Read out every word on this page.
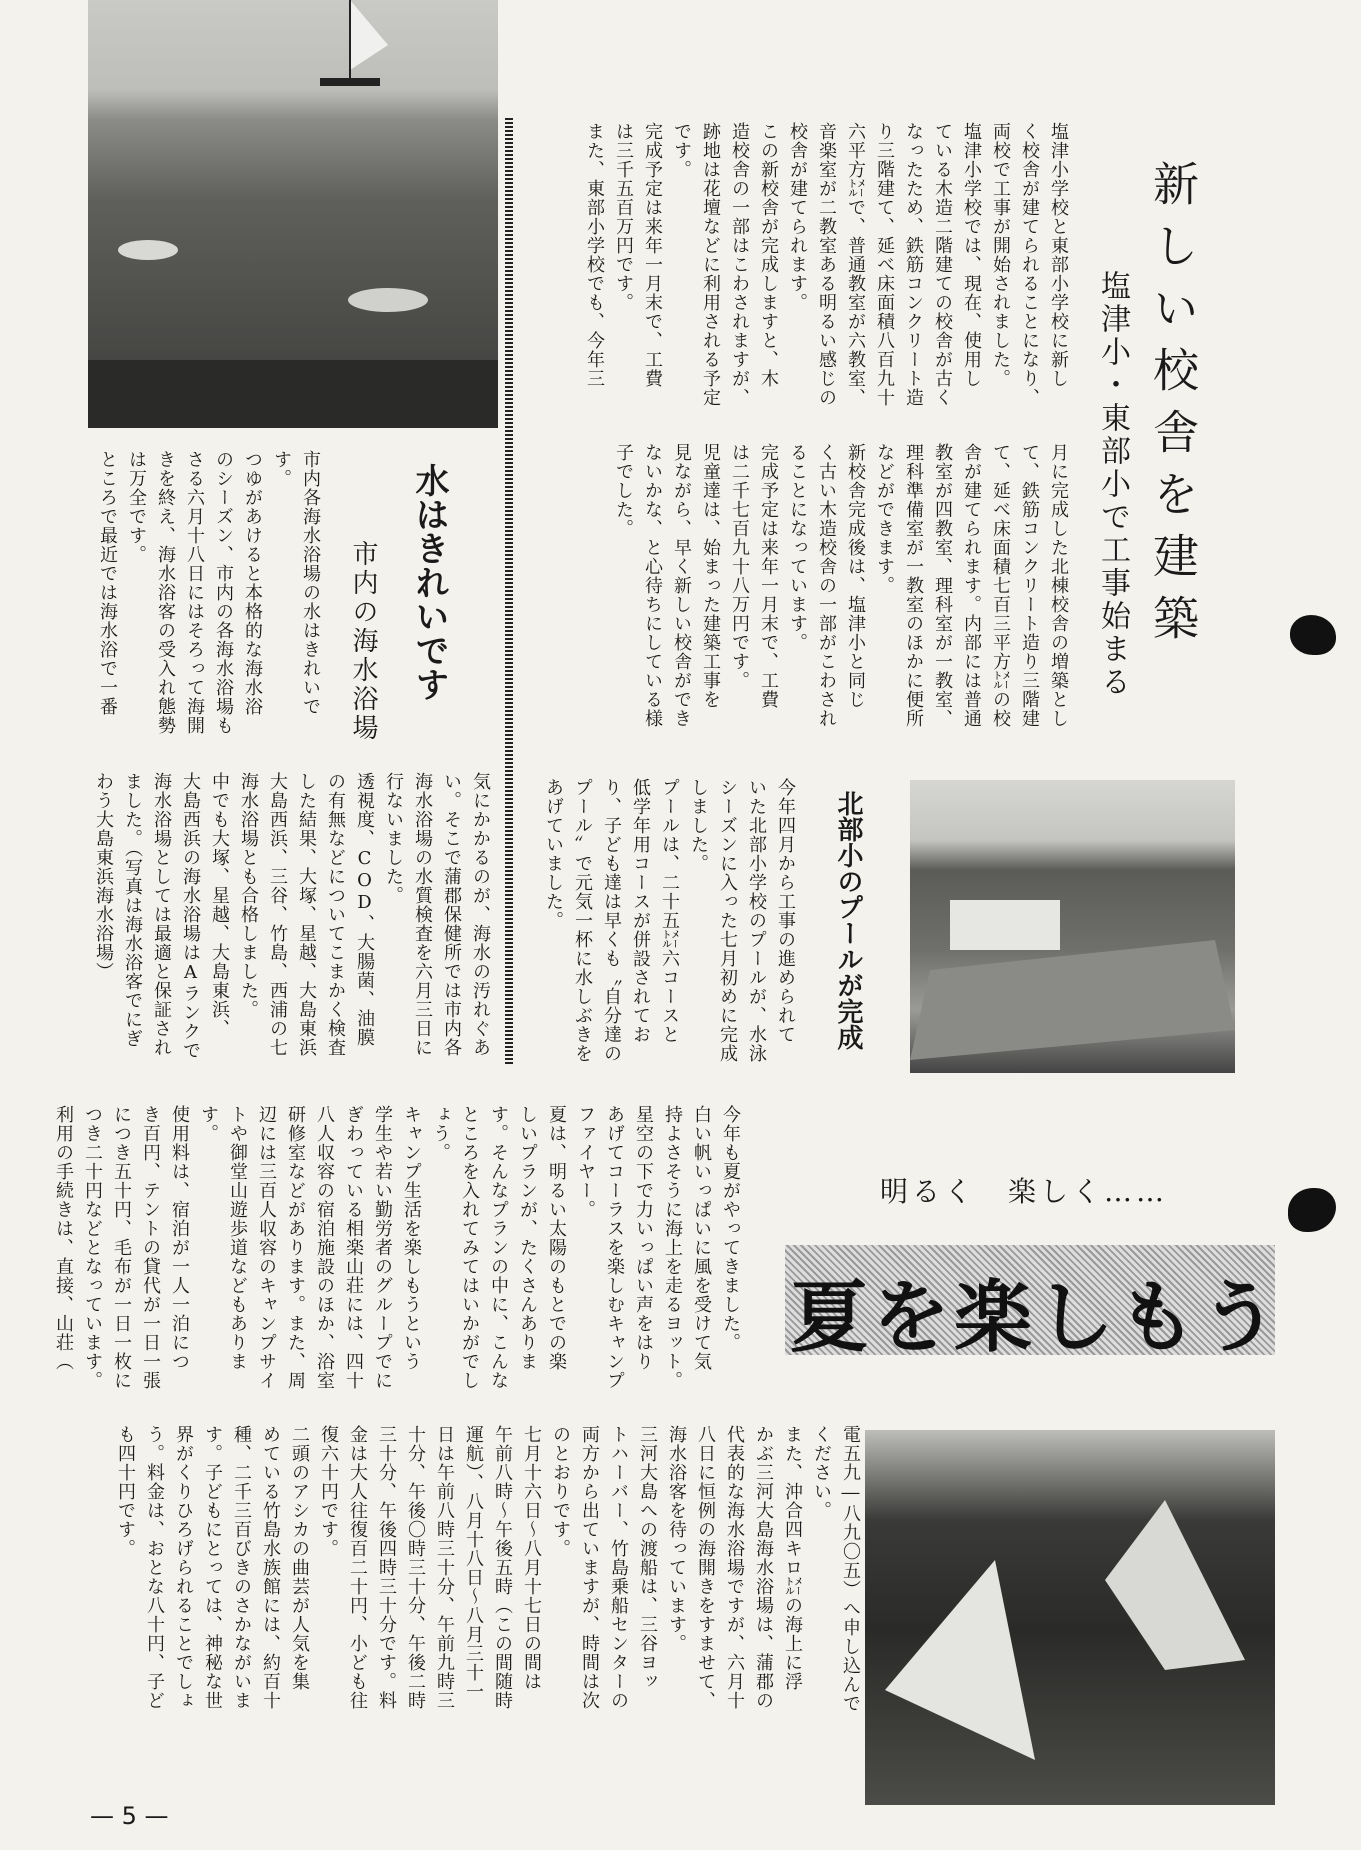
新しい校舎を建築
塩津小・東部小で工事始まる
塩津小学校と東部小学校に新し
く校舎が建てられることになり、
両校で工事が開始されました。
塩津小学校では、現在、使用し
ている木造二階建ての校舎が古く
なったため、鉄筋コンクリート造
り三階建て、延べ床面積八百九十
六平方㍍で、普通教室が六教室、
音楽室が二教室ある明るい感じの
校舎が建てられます。
この新校舎が完成しますと、木
造校舎の一部はこわされますが、
跡地は花壇などに利用される予定
です。
完成予定は来年一月末で、工費
は三千五百万円です。
また、東部小学校でも、今年三
月に完成した北棟校舎の増築とし
て、鉄筋コンクリート造り三階建
て、延べ床面積七百三平方㍍の校
舎が建てられます。内部には普通
教室が四教室、理科室が一教室、
理科準備室が一教室のほかに便所
などができます。
新校舎完成後は、塩津小と同じ
く古い木造校舎の一部がこわされ
ることになっています。
完成予定は来年一月末で、工費
は二千七百九十八万円です。
児童達は、始まった建築工事を
見ながら、早く新しい校舎ができ
ないかな、と心待ちにしている様
子でした。
北部小のプールが完成
今年四月から工事の進められて
いた北部小学校のプールが、水泳
シーズンに入った七月初めに完成
しました。
プールは、二十五㍍六コースと
低学年用コースが併設されてお
り、子ども達は早くも〝自分達の
プール〟で元気一杯に水しぶきを
あげていました。
水はきれいです
市内の海水浴場
市内各海水浴場の水はきれいで
す。
つゆがあけると本格的な海水浴
のシーズン、市内の各海水浴場も
さる六月十八日にはそろって海開
きを終え、海水浴客の受入れ態勢
は万全です。
ところで最近では海水浴で一番
気にかかるのが、海水の汚れぐあ
い。そこで蒲郡保健所では市内各
海水浴場の水質検査を六月三日に
行ないました。
透視度、COD、大腸菌、油膜
の有無などについてこまかく検査
した結果、大塚、星越、大島東浜
大島西浜、三谷、竹島、西浦の七
海水浴場とも合格しました。
中でも大塚、星越、大島東浜、
大島西浜の海水浴場はAランクで
海水浴場としては最適と保証され
ました。（写真は海水浴客でにぎ
わう大島東浜海水浴場）
明るく　楽しく……
夏を楽しもう
今年も夏がやってきました。
白い帆いっぱいに風を受けて気
持よさそうに海上を走るヨット。
星空の下で力いっぱい声をはり
あげてコーラスを楽しむキャンプ
ファイヤー。
夏は、明るい太陽のもとでの楽
しいプランが、たくさんありま
す。そんなプランの中に、こんな
ところを入れてみてはいかがでし
ょう。
キャンプ生活を楽しもうという
学生や若い勤労者のグループでに
ぎわっている相楽山荘には、四十
八人収容の宿泊施設のほか、浴室
研修室などがあります。また、周
辺には三百人収容のキャンプサイ
トや御堂山遊歩道などもあります。
使用料は、宿泊が一人一泊につ
き百円、テントの貸代が一日一張
につき五十円、毛布が一日一枚に
つき二十円などとなっています。
利用の手続きは、直接、山荘（
電五九―八九〇五）へ申し込んで
ください。
また、沖合四キロ㍍の海上に浮
かぶ三河大島海水浴場は、蒲郡の
代表的な海水浴場ですが、六月十
八日に恒例の海開きをすませて、
海水浴客を待っています。
三河大島への渡船は、三谷ヨッ
トハーバー、竹島乗船センターの
両方から出ていますが、時間は次
のとおりです。
七月十六日～八月十七日の間は
午前八時～午後五時（この間随時
運航）、八月十八日～八月三十一
日は午前八時三十分、午前九時三
十分、午後〇時三十分、午後二時
三十分、午後四時三十分です。料
金は大人往復百二十円、小ども往
復六十円です。
二頭のアシカの曲芸が人気を集
めている竹島水族館には、約百十
種、二千三百びきのさかながいま
す。子どもにとっては、神秘な世
界がくりひろげられることでしょ
う。料金は、おとな八十円、子ど
も四十円です。
— 5 —
